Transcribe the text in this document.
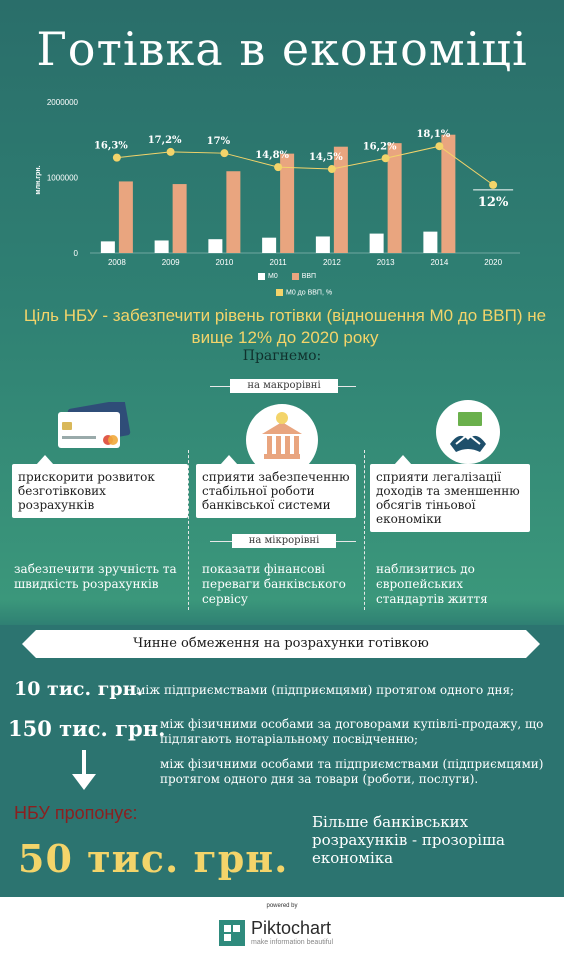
Готівка в економіці
0
1000000
2000000
млн.грн.
2008	2009	2010	2011	2012	2013	2014	2020
16,3%
17,2%	17%
14,8% 14,5%
16,2%
18,1%
12%
M0	ВВП
M0 до ВВП, %
Ціль НБУ - забезпечити рівень готівки (відношення М0 до ВВП) не вище 12% до 2020 року
Прагнемо:
на макрорівні
прискорити розвиток безготівкових розрахунків
сприяти забезпеченню стабільної роботи банківської системи
сприяти легалізації доходів та зменшенню обсягів тіньової економіки
на мікрорівні
забезпечити зручність та швидкість розрахунків
показати фінансові переваги банківського сервісу
наблизитись до європейських стандартів життя
Чинне обмеження на розрахунки готівкою
10 тис. грн.
між підприємствами (підприємцями) протягом одного дня;
150 тис. грн.
між фізичними особами за договорами купівлі-продажу, що підлягають нотаріальному посвідченню;
між фізичними особами та підприємствами (підприємцями) протягом одного дня за товари (роботи, послуги).
НБУ пропонує:
50 тис. грн.
Більше банківських розрахунків - прозоріша економіка
powered by
Piktochart
make information beautiful
